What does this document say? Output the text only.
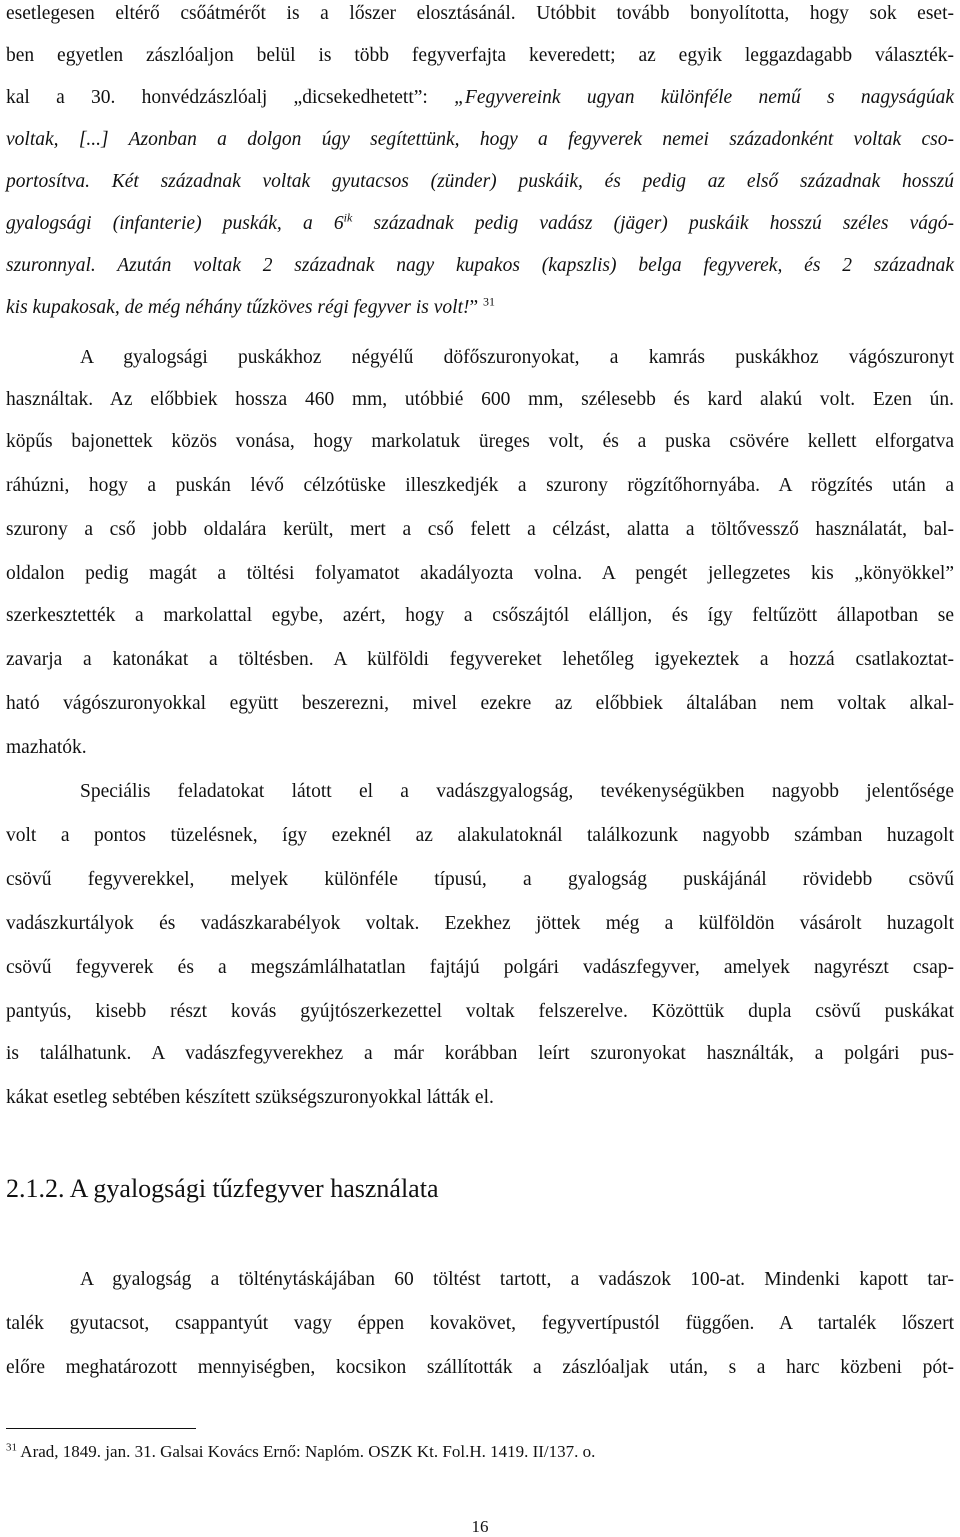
esetlegesen eltérő csőátmérőt is a lőszer elosztásánál. Utóbbit tovább bonyolította, hogy sok eset-
ben egyetlen zászlóaljon belül is több fegyverfajta keveredett; az egyik leggazdagabb választék-
kal a 30. honvédzászlóalj „dicsekedhetett”: „Fegyvereink ugyan különféle nemű s nagyságúak
voltak, [...] Azonban a dolgon úgy segítettünk, hogy a fegyverek nemei századonként voltak cso-
portosítva. Két századnak voltak gyutacsos (zünder) puskáik, és pedig az első századnak hosszú
gyalogsági (infanterie) puskák, a $6^{ik}$ századnak pedig vadász (jäger) puskáik hosszú széles vágó-
szuronnyal. Azután voltak 2 századnak nagy kupakos (kapszlis) belga fegyverek, és 2 századnak
kis kupakosak, de még néhány tűzköves régi fegyver is volt!” $^{31}$
A gyalogsági puskákhoz négyélű döfőszuronyokat, a kamrás puskákhoz vágószuronyt
használtak. Az előbbiek hossza 460 mm, utóbbié 600 mm, szélesebb és kard alakú volt. Ezen ún.
köpűs bajonettek közös vonása, hogy markolatuk üreges volt, és a puska csövére kellett elforgatva
ráhúzni, hogy a puskán lévő célzótüske illeszkedjék a szurony rögzítőhornyába. A rögzítés után a
szurony a cső jobb oldalára került, mert a cső felett a célzást, alatta a töltővessző használatát, bal-
oldalon pedig magát a töltési folyamatot akadályozta volna. A pengét jellegzetes kis „könyökkel”
szerkesztették a markolattal egybe, azért, hogy a csőszájtól elálljon, és így feltűzött állapotban se
zavarja a katonákat a töltésben. A külföldi fegyvereket lehetőleg igyekeztek a hozzá csatlakoztat-
ható vágószuronyokkal együtt beszerezni, mivel ezekre az előbbiek általában nem voltak alkal-
mazhatók.
Speciális feladatokat látott el a vadászgyalogság, tevékenységükben nagyobb jelentősége
volt a pontos tüzelésnek, így ezeknél az alakulatoknál találkozunk nagyobb számban huzagolt
csövű fegyverekkel, melyek különféle típusú, a gyalogság puskájánál rövidebb csövű
vadászkurtályok és vadászkarabélyok voltak. Ezekhez jöttek még a külföldön vásárolt huzagolt
csövű fegyverek és a megszámlálhatatlan fajtájú polgári vadászfegyver, amelyek nagyrészt csap-
pantyús, kisebb részt kovás gyújtószerkezettel voltak felszerelve. Közöttük dupla csövű puskákat
is találhatunk. A vadászfegyverekhez a már korábban leírt szuronyokat használták, a polgári pus-
kákat esetleg sebtében készített szükségszuronyokkal látták el.
2.1.2. A gyalogsági tűzfegyver használata
A gyalogság a tölténytáskájában 60 töltést tartott, a vadászok 100-at. Mindenki kapott tar-
talék gyutacsot, csappantyút vagy éppen kovakövet, fegyvertípustól függően. A tartalék lőszert
előre meghatározott mennyiségben, kocsikon szállították a zászlóaljak után, s a harc közbeni pót-
$^{31}$ Arad, 1849. jan. 31. Galsai Kovács Ernő: Naplóm. OSZK Kt. Fol.H. 1419. II/137. o.
16
